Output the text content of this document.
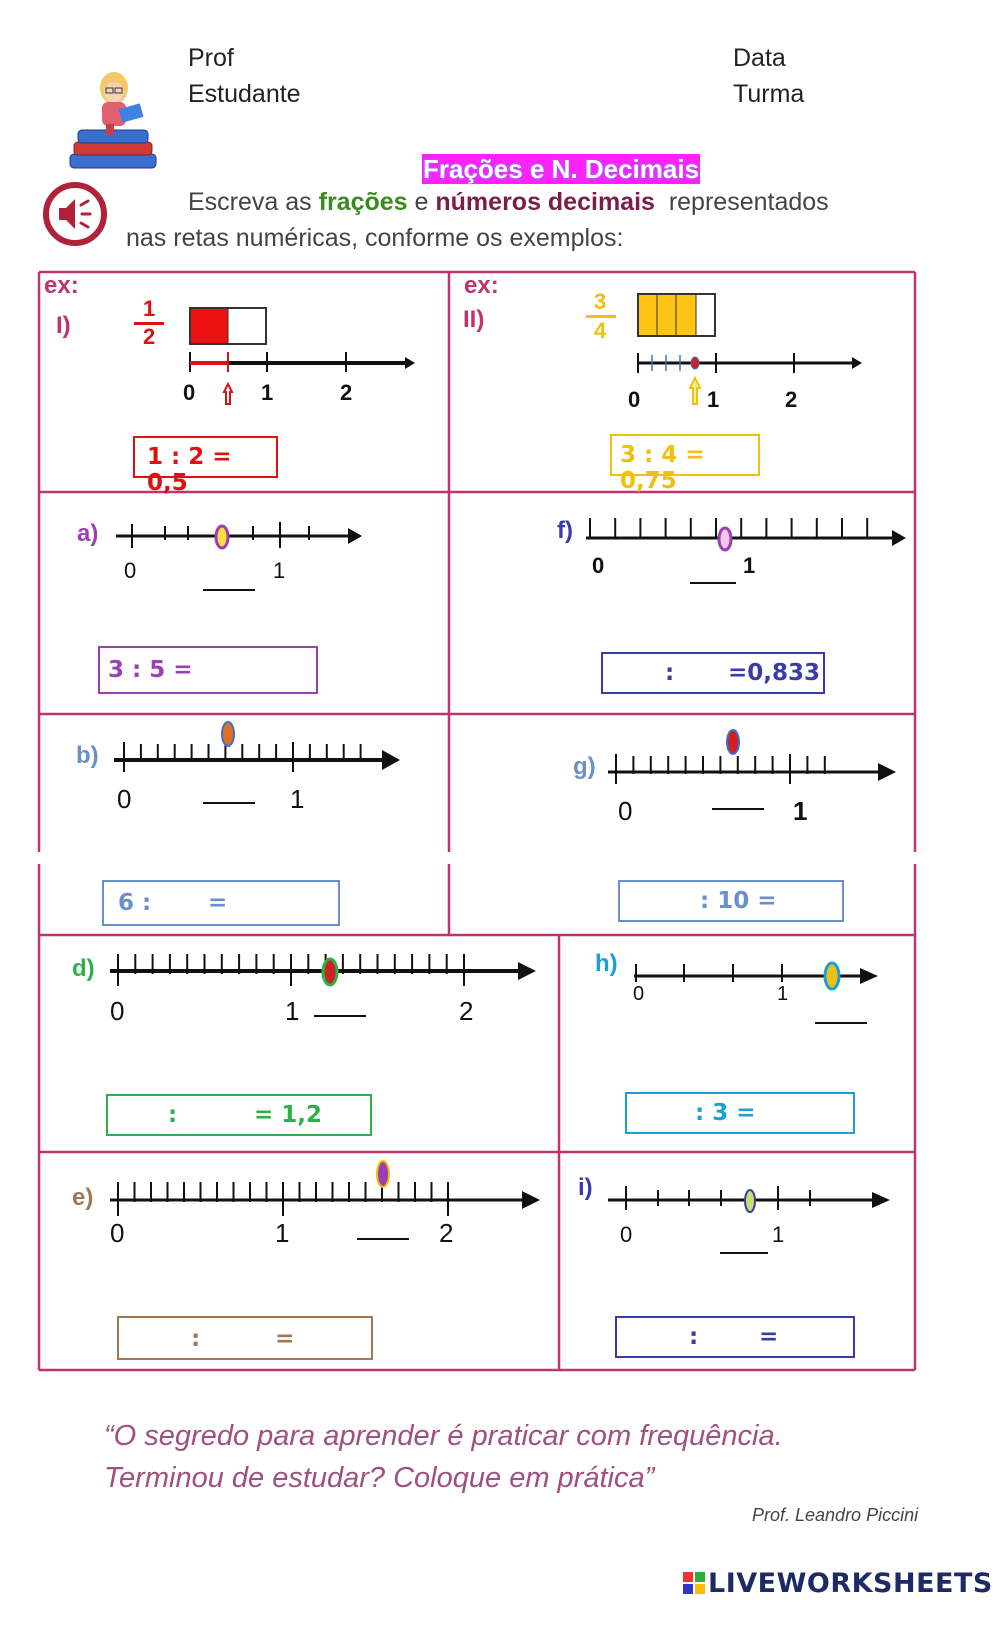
Prof
Estudante
Data
Turma
Frações e N. Decimais
Escreva as frações e números decimais representados
nas retas numéricas, conforme os exemplos:
ex:
I)
1
2
0	1	2
1 : 2 = 0,5
ex:
II)
3
4
0	1	2
3 : 4 = 0,75
a)
0	1
3 : 5 =
f)
0	1
: =0,833
b)
0	1
6 : =
g)
0	1
: 10 =
d)
0	1	2
:	= 1,2
h)
0	1
: 3 =
e)
0	1	2
:	=
i)
0	1
:	=
“O segredo para aprender é praticar com frequência.
Terminou de estudar? Coloque em prática”
Prof. Leandro Piccini
LIVEWORKSHEETS
